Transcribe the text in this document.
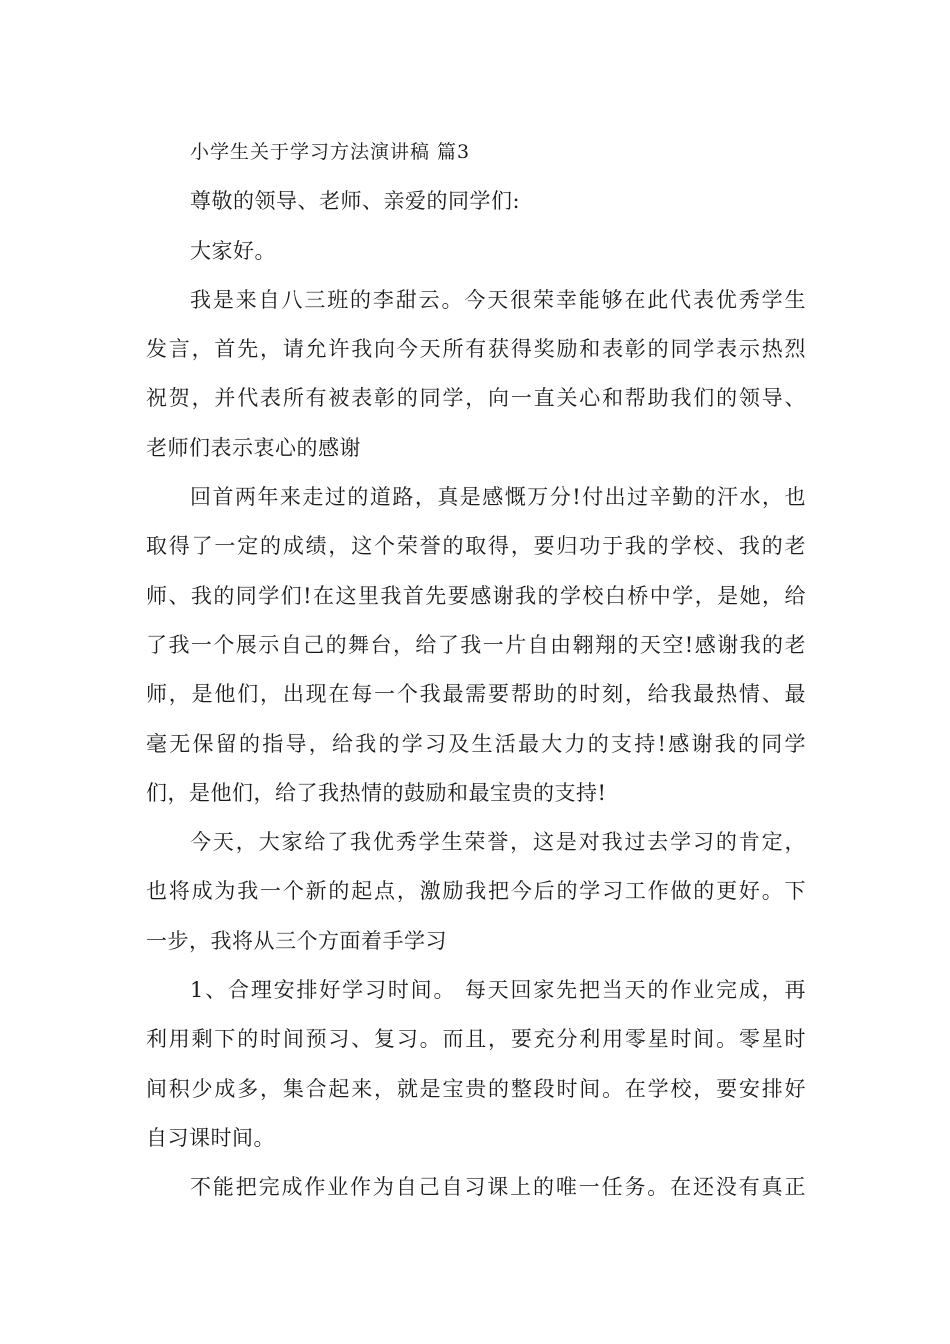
小学生关于学习方法演讲稿 篇3
尊敬的领导、老师、亲爱的同学们:
大家好。
我是来自八三班的李甜云。今天很荣幸能够在此代表优秀学生
发言，首先，请允许我向今天所有获得奖励和表彰的同学表示热烈
祝贺，并代表所有被表彰的同学，向一直关心和帮助我们的领导、
老师们表示衷心的感谢
回首两年来走过的道路，真是感慨万分!付出过辛勤的汗水，也
取得了一定的成绩，这个荣誉的取得，要归功于我的学校、我的老
师、我的同学们!在这里我首先要感谢我的学校白桥中学，是她，给
了我一个展示自己的舞台，给了我一片自由翱翔的天空!感谢我的老
师，是他们，出现在每一个我最需要帮助的时刻，给我最热情、最
毫无保留的指导，给我的学习及生活最大力的支持!感谢我的同学
们，是他们，给了我热情的鼓励和最宝贵的支持!
今天，大家给了我优秀学生荣誉，这是对我过去学习的肯定，
也将成为我一个新的起点，激励我把今后的学习工作做的更好。下
一步，我将从三个方面着手学习
1、合理安排好学习时间。 每天回家先把当天的作业完成，再
利用剩下的时间预习、复习。而且，要充分利用零星时间。零星时
间积少成多，集合起来，就是宝贵的整段时间。在学校，要安排好
自习课时间。
不能把完成作业作为自己自习课上的唯一任务。在还没有真正
